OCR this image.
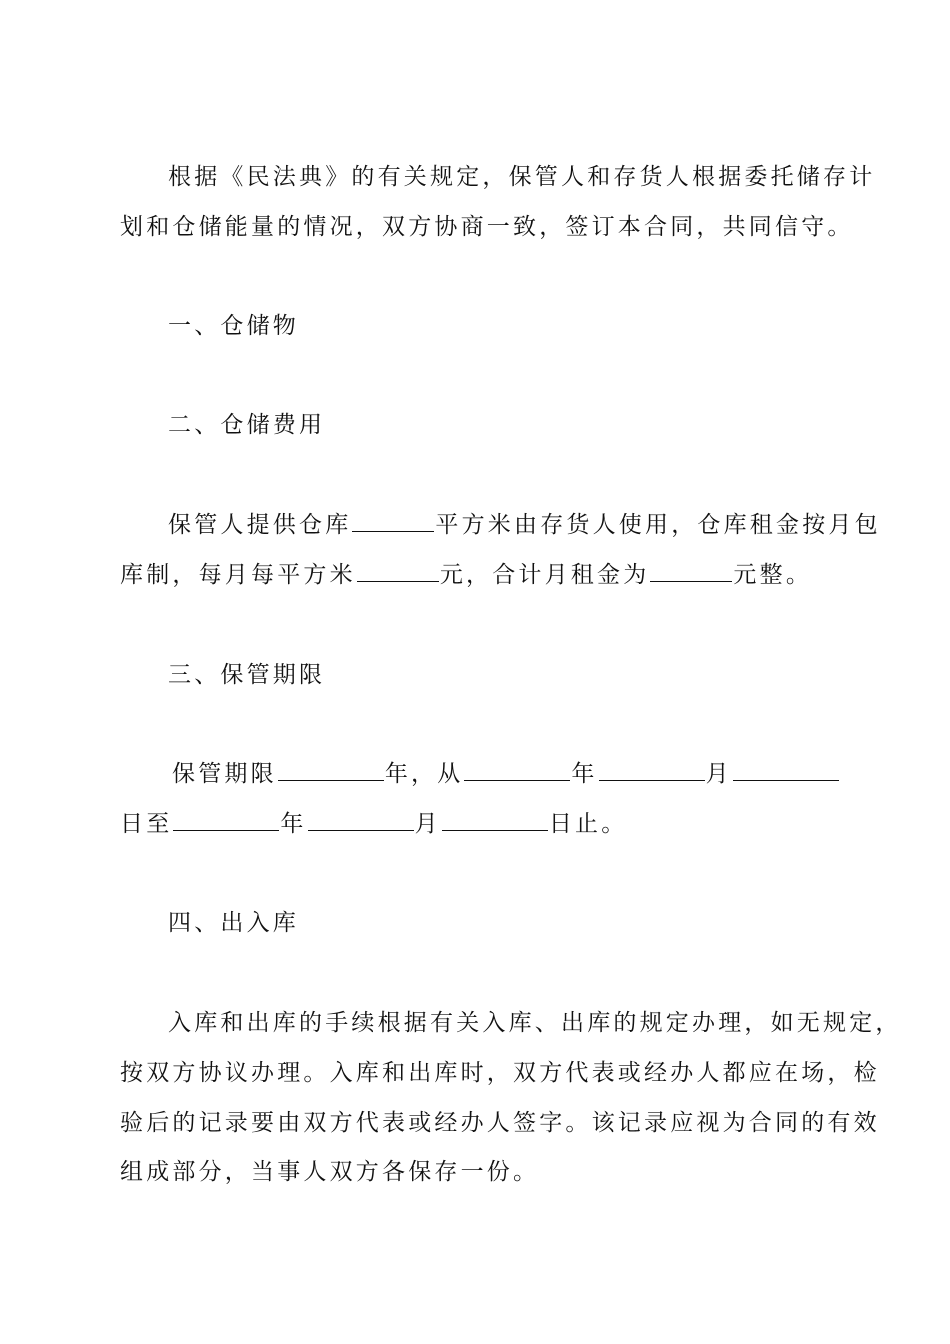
根据《民法典》的有关规定，保管人和存货人根据委托储存计
划和仓储能量的情况，双方协商一致，签订本合同，共同信守。
一、仓储物
二、仓储费用
保管人提供仓库	平方米由存货人使用，仓库租金按月包
库制，每月每平方米	元，合计月租金为	元整。
三、保管期限
保管期限	年，从	年	月
日至	年	月	日止。
四、出入库
入库和出库的手续根据有关入库、出库的规定办理，如无规定，
按双方协议办理。入库和出库时，双方代表或经办人都应在场，检
验后的记录要由双方代表或经办人签字。该记录应视为合同的有效
组成部分，当事人双方各保存一份。
